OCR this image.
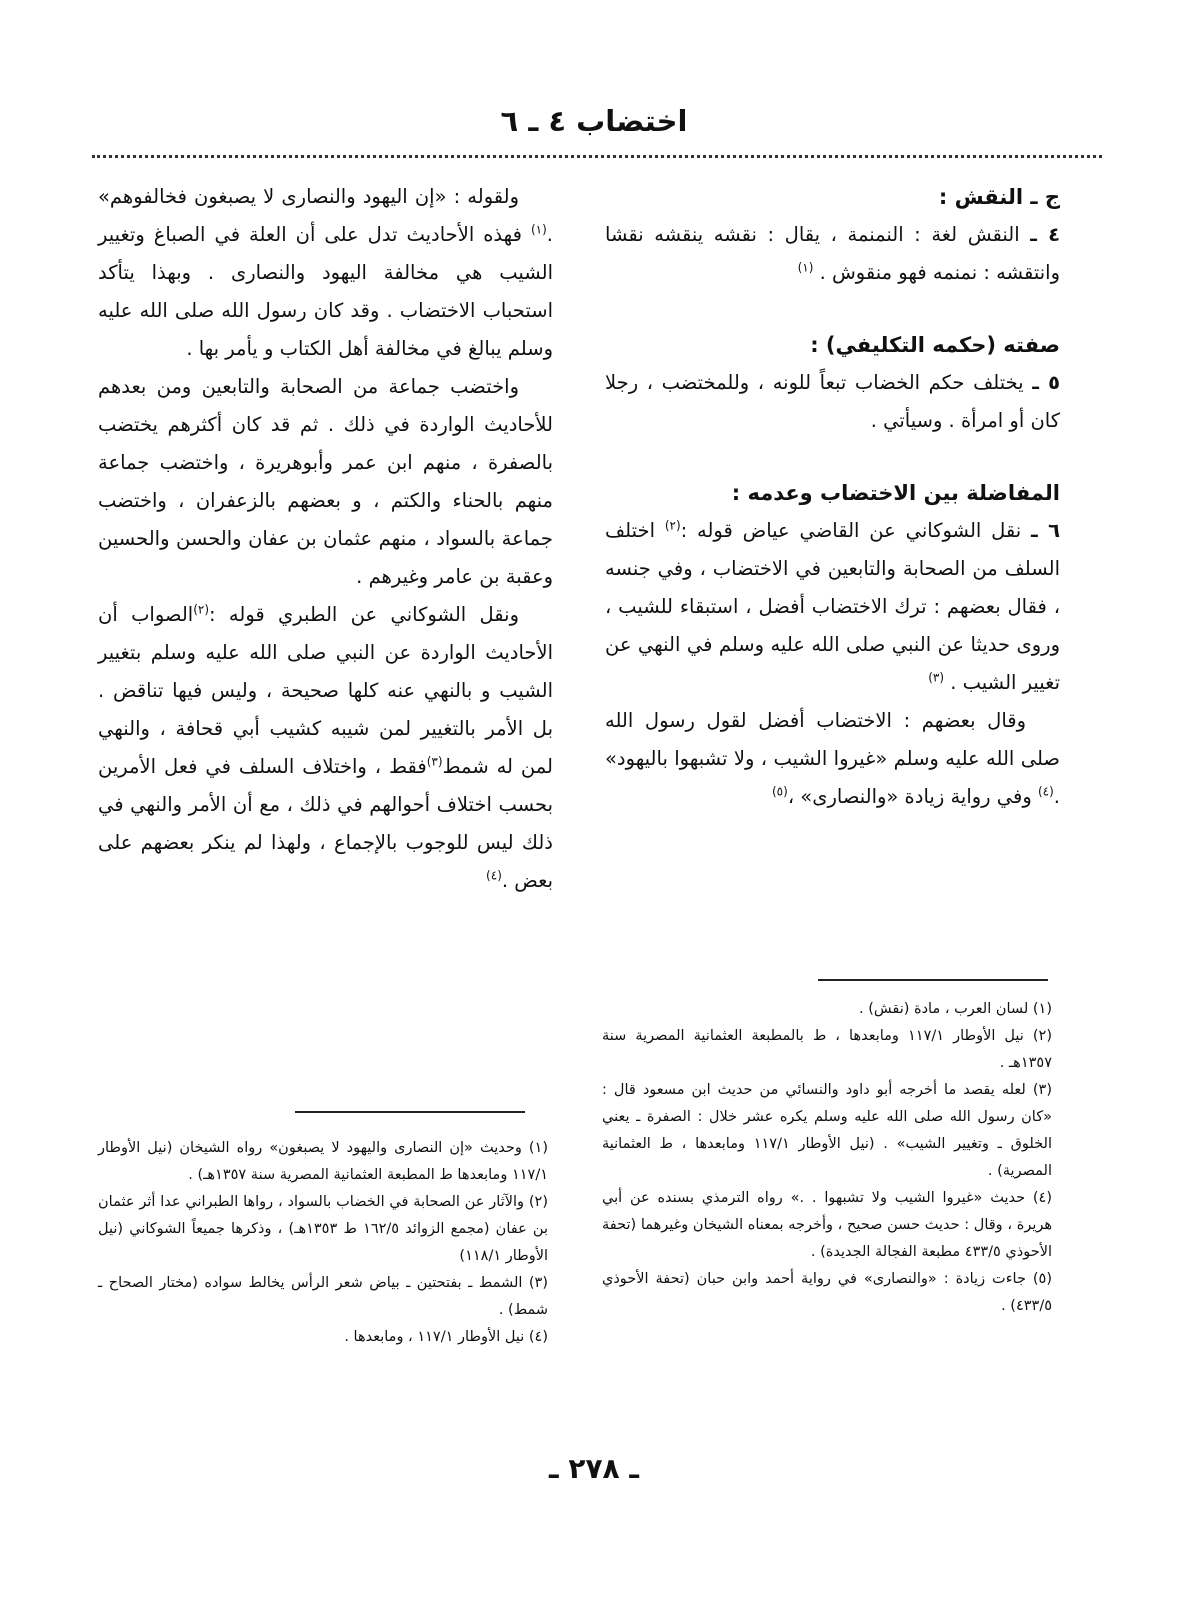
اختضاب ٤ ـ ٦

ج ـ النقش :

٤ ـ النقش لغة : النمنمة ، يقال : نقشه ينقشه نقشا وانتقشه : نمنمه فهو منقوش . $^{(١)}$

صفته (حكمه التكليفي) :

٥ ـ يختلف حكم الخضاب تبعاً للونه ، وللمختضب ، رجلا كان أو امرأة . وسيأتي .

المفاضلة بين الاختضاب وعدمه :

٦ ـ نقل الشوكاني عن القاضي عياض قوله :$^{(٢)}$ اختلف السلف من الصحابة والتابعين في الاختضاب ، وفي جنسه ، فقال بعضهم : ترك الاختضاب أفضل ، استبقاء للشيب ، وروى حديثا عن النبي صلى الله عليه وسلم في النهي عن تغيير الشيب . $^{(٣)}$

وقال بعضهم : الاختضاب أفضل لقول رسول الله صلى الله عليه وسلم «غيروا الشيب ، ولا تشبهوا باليهود» .$^{(٤)}$ وفي رواية زيادة «والنصارى» ،$^{(٥)}$

ولقوله : «إن اليهود والنصارى لا يصبغون فخالفوهم» .$^{(١)}$ فهذه الأحاديث تدل على أن العلة في الصباغ وتغيير الشيب هي مخالفة اليهود والنصارى . وبهذا يتأكد استحباب الاختضاب . وقد كان رسول الله صلى الله عليه وسلم يبالغ في مخالفة أهل الكتاب و يأمر بها .

واختضب جماعة من الصحابة والتابعين ومن بعدهم للأحاديث الواردة في ذلك . ثم قد كان أكثرهم يختضب بالصفرة ، منهم ابن عمر وأبوهريرة ، واختضب جماعة منهم بالحناء والكتم ، و بعضهم بالزعفران ، واختضب جماعة بالسواد ، منهم عثمان بن عفان والحسن والحسين وعقبة بن عامر وغيرهم .

ونقل الشوكاني عن الطبري قوله :$^{(٢)}$الصواب أن الأحاديث الواردة عن النبي صلى الله عليه وسلم بتغيير الشيب و بالنهي عنه كلها صحيحة ، وليس فيها تناقض . بل الأمر بالتغيير لمن شيبه كشيب أبي قحافة ، والنهي لمن له شمط$^{(٣)}$فقط ، واختلاف السلف في فعل الأمرين بحسب اختلاف أحوالهم في ذلك ، مع أن الأمر والنهي في ذلك ليس للوجوب بالإجماع ، ولهذا لم ينكر بعضهم على بعض .$^{(٤)}$

(١) لسان العرب ، مادة (نقش) .

(٢) نيل الأوطار ١١٧/١ ومابعدها ، ط بالمطبعة العثمانية المصرية سنة ١٣٥٧هـ .

(٣) لعله يقصد ما أخرجه أبو داود والنسائي من حديث ابن مسعود قال : «كان رسول الله صلى الله عليه وسلم يكره عشر خلال : الصفرة ـ يعني الخلوق ـ وتغيير الشيب» . (نيل الأوطار ١١٧/١ ومابعدها ، ط العثمانية المصرية) .

(٤) حديث «غيروا الشيب ولا تشبهوا . .» رواه الترمذي بسنده عن أبي هريرة ، وقال : حديث حسن صحيح ، وأخرجه بمعناه الشيخان وغيرهما (تحفة الأحوذي ٤٣٣/٥ مطبعة الفجالة الجديدة) .

(٥) جاءت زيادة : «والنصارى» في رواية أحمد وابن حبان (تحفة الأحوذي ٤٣٣/٥) .

(١) وحديث «إن النصارى واليهود لا يصبغون» رواه الشيخان (نيل الأوطار ١١٧/١ ومابعدها ط المطبعة العثمانية المصرية سنة ١٣٥٧هـ) .

(٢) والآثار عن الصحابة في الخضاب بالسواد ، رواها الطبراني عدا أثر عثمان بن عفان (مجمع الزوائد ١٦٢/٥ ط ١٣٥٣هـ) ، وذكرها جميعاً الشوكاني (نيل الأوطار ١١٨/١)

(٣) الشمط ـ بفتحتين ـ بياض شعر الرأس يخالط سواده (مختار الصحاح ـ شمط) .

(٤) نيل الأوطار ١١٧/١ ، ومابعدها .

ـ ٢٧٨ ـ
